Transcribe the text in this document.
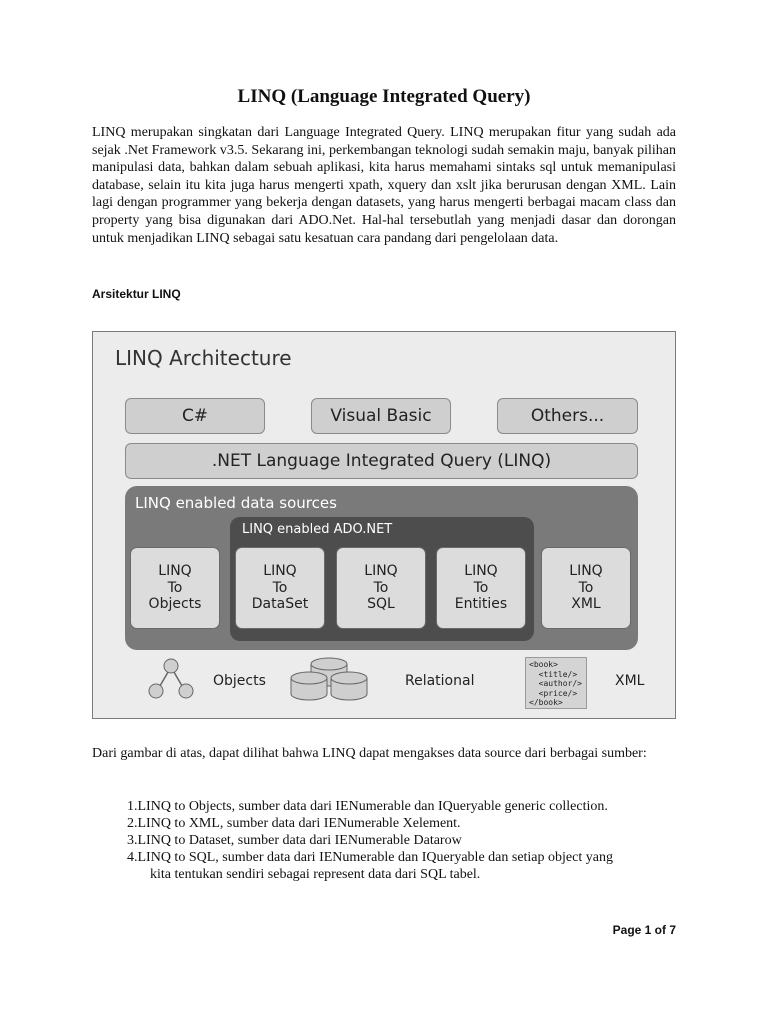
LINQ (Language Integrated Query)
LINQ merupakan singkatan dari Language Integrated Query. LINQ merupakan fitur yang sudah ada sejak .Net Framework v3.5. Sekarang ini, perkembangan teknologi sudah semakin maju, banyak pilihan manipulasi data, bahkan dalam sebuah aplikasi, kita harus memahami sintaks sql untuk memanipulasi database, selain itu kita juga harus mengerti xpath, xquery dan xslt jika berurusan dengan XML. Lain lagi dengan programmer yang bekerja dengan datasets, yang harus mengerti berbagai macam class dan property yang bisa digunakan dari ADO.Net. Hal-hal tersebutlah yang menjadi dasar dan dorongan untuk menjadikan LINQ sebagai satu kesatuan cara pandang dari pengelolaan data.
Arsitektur LINQ
LINQ Architecture
C#	Visual Basic	Others...
.NET Language Integrated Query (LINQ)
LINQ enabled data sources
LINQ enabled ADO.NET
LINQ
To
Objects
LINQ
To
DataSet
LINQ
To
SQL
LINQ
To
Entities
LINQ
To
XML
Objects	Relational
<book>
<title/>
<author/>
<price/>
</book>
XML
Dari gambar di atas, dapat dilihat bahwa LINQ dapat mengakses data source dari berbagai sumber:
1.LINQ to Objects, sumber data dari IENumerable dan IQueryable generic collection.
2.LINQ to XML, sumber data dari IENumerable Xelement.
3.LINQ to Dataset, sumber data dari IENumerable Datarow
4.LINQ to SQL, sumber data dari IENumerable dan IQueryable dan setiap object yang
kita tentukan sendiri sebagai represent data dari SQL tabel.
Page 1 of 7
